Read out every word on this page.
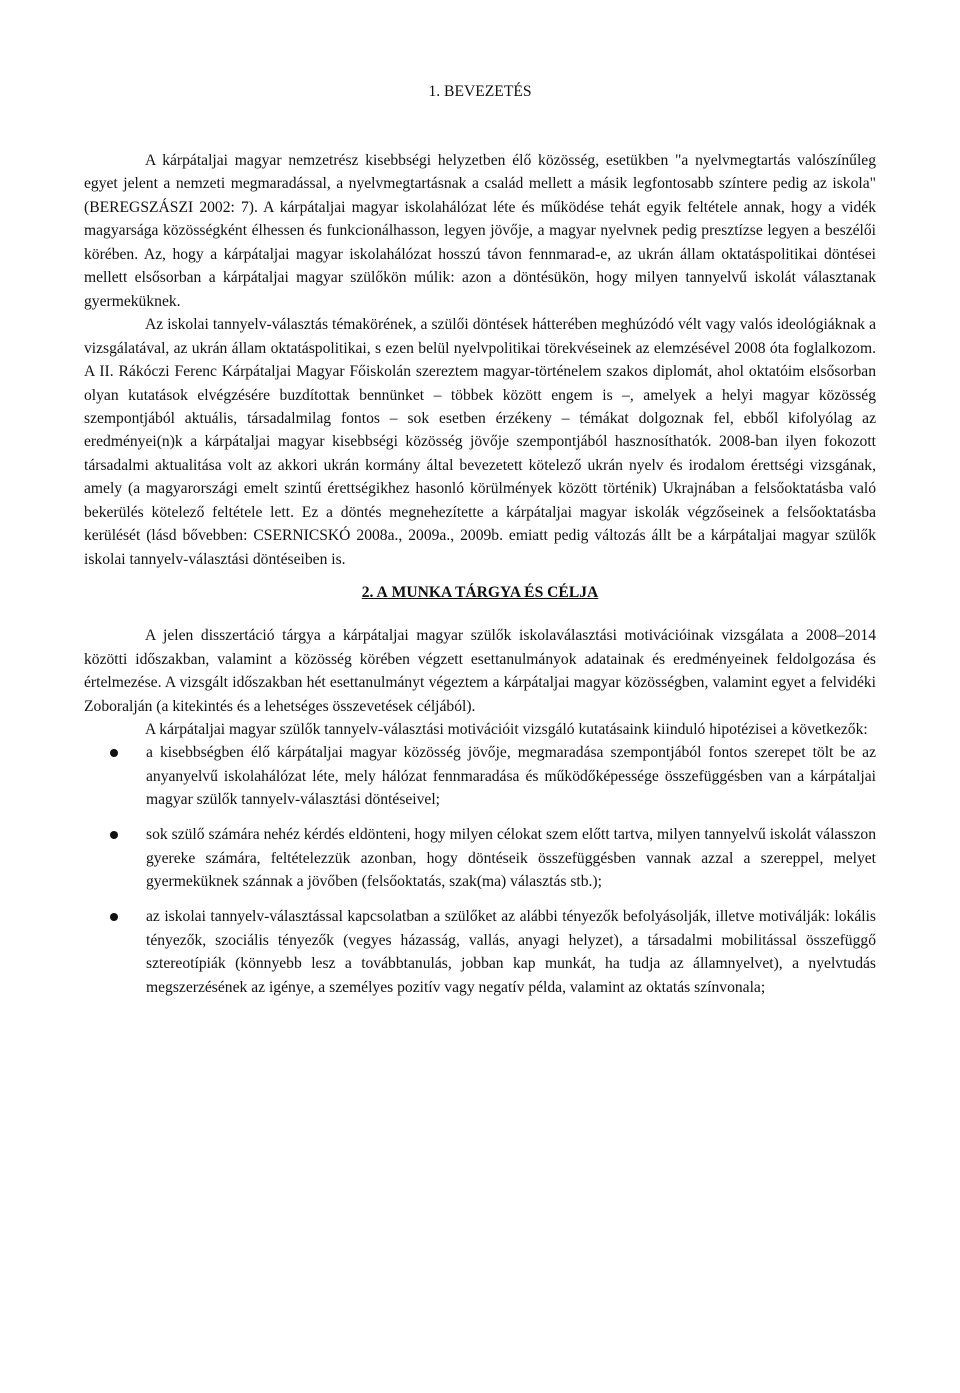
1. BEVEZETÉS

A kárpátaljai magyar nemzetrész kisebbségi helyzetben élő közösség, esetükben "a nyelvmegtartás valószínűleg egyet jelent a nemzeti megmaradással, a nyelvmegtartásnak a család mellett a másik legfontosabb színtere pedig az iskola" (BEREGSZÁSZI 2002: 7). A kárpátaljai magyar iskolahálózat léte és működése tehát egyik feltétele annak, hogy a vidék magyarsága közösségként élhessen és funkcionálhasson, legyen jövője, a magyar nyelvnek pedig presztízse legyen a beszélői körében. Az, hogy a kárpátaljai magyar iskolahálózat hosszú távon fennmarad-e, az ukrán állam oktatáspolitikai döntései mellett elsősorban a kárpátaljai magyar szülőkön múlik: azon a döntésükön, hogy milyen tannyelvű iskolát választanak gyermeküknek.

Az iskolai tannyelv-választás témakörének, a szülői döntések hátterében meghúzódó vélt vagy valós ideológiáknak a vizsgálatával, az ukrán állam oktatáspolitikai, s ezen belül nyelvpolitikai törekvéseinek az elemzésével 2008 óta foglalkozom. A II. Rákóczi Ferenc Kárpátaljai Magyar Főiskolán szereztem magyar-történelem szakos diplomát, ahol oktatóim elsősorban olyan kutatások elvégzésére buzdítottak bennünket – többek között engem is –, amelyek a helyi magyar közösség szempontjából aktuális, társadalmilag fontos – sok esetben érzékeny – témákat dolgoznak fel, ebből kifolyólag az eredményei(n)k a kárpátaljai magyar kisebbségi közösség jövője szempontjából hasznosíthatók. 2008-ban ilyen fokozott társadalmi aktualitása volt az akkori ukrán kormány által bevezetett kötelező ukrán nyelv és irodalom érettségi vizsgának, amely (a magyarországi emelt szintű érettségikhez hasonló körülmények között történik) Ukrajnában a felsőoktatásba való bekerülés kötelező feltétele lett. Ez a döntés megnehezítette a kárpátaljai magyar iskolák végzőseinek a felsőoktatásba kerülését (lásd bővebben: CSERNICSKÓ 2008a., 2009a., 2009b. emiatt pedig változás állt be a kárpátaljai magyar szülők iskolai tannyelv-választási döntéseiben is.

2. A MUNKA TÁRGYA ÉS CÉLJA

A jelen disszertáció tárgya a kárpátaljai magyar szülők iskolaválasztási motivációinak vizsgálata a 2008–2014 közötti időszakban, valamint a közösség körében végzett esettanulmányok adatainak és eredményeinek feldolgozása és értelmezése. A vizsgált időszakban hét esettanulmányt végeztem a kárpátaljai magyar közösségben, valamint egyet a felvidéki Zoboralján (a kitekintés és a lehetséges összevetések céljából).

A kárpátaljai magyar szülők tannyelv-választási motivációit vizsgáló kutatásaink kiinduló hipotézisei a következők:

a kisebbségben élő kárpátaljai magyar közösség jövője, megmaradása szempontjából fontos szerepet tölt be az anyanyelvű iskolahálózat léte, mely hálózat fennmaradása és működőképessége összefüggésben van a kárpátaljai magyar szülők tannyelv-választási döntéseivel;
sok szülő számára nehéz kérdés eldönteni, hogy milyen célokat szem előtt tartva, milyen tannyelvű iskolát válasszon gyereke számára, feltételezzük azonban, hogy döntéseik összefüggésben vannak azzal a szereppel, melyet gyermeküknek szánnak a jövőben (felsőoktatás, szak(ma) választás stb.);
az iskolai tannyelv-választással kapcsolatban a szülőket az alábbi tényezők befolyásolják, illetve motiválják: lokális tényezők, szociális tényezők (vegyes házasság, vallás, anyagi helyzet), a társadalmi mobilitással összefüggő sztereotípiák (könnyebb lesz a továbbtanulás, jobban kap munkát, ha tudja az államnyelvet), a nyelvtudás megszerzésének az igénye, a személyes pozitív vagy negatív példa, valamint az oktatás színvonala;
